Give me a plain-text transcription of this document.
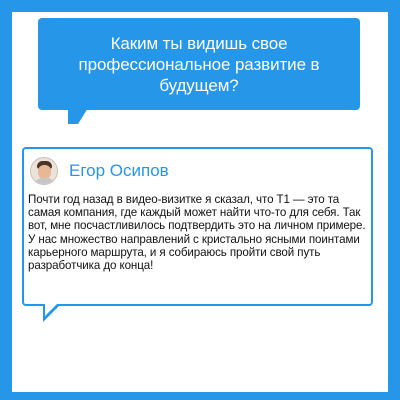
Каким ты видишь свое профессиональное развитие в будущем?
Егор Осипов
Почти год назад в видео-визитке я сказал, что Т1 — это та самая компания, где каждый может найти что-то для себя. Так вот, мне посчастливилось подтвердить это на личном примере. У нас множество направлений с кристально ясными поинтами карьерного маршрута, и я собираюсь пройти свой путь разработчика до конца!
